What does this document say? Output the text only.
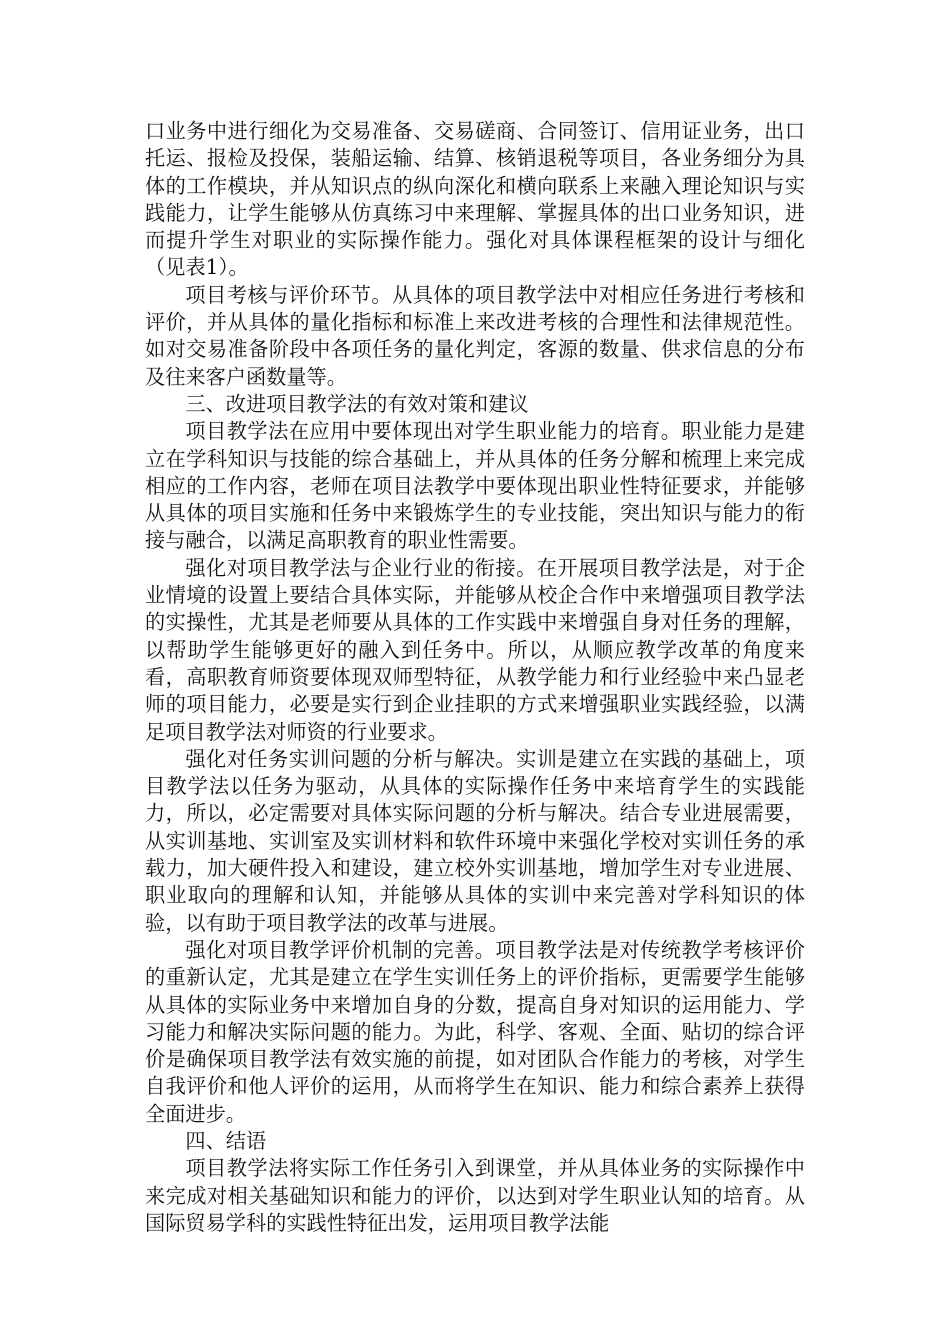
口业务中进行细化为交易准备、交易磋商、合同签订、信用证业务，出口托运、报检及投保，装船运输、结算、核销退税等项目，各业务细分为具体的工作模块，并从知识点的纵向深化和横向联系上来融入理论知识与实践能力，让学生能够从仿真练习中来理解、掌握具体的出口业务知识，进而提升学生对职业的实际操作能力。强化对具体课程框架的设计与细化（见表1）。

项目考核与评价环节。从具体的项目教学法中对相应任务进行考核和评价，并从具体的量化指标和标准上来改进考核的合理性和法律规范性。如对交易准备阶段中各项任务的量化判定，客源的数量、供求信息的分布及往来客户函数量等。

三、改进项目教学法的有效对策和建议

项目教学法在应用中要体现出对学生职业能力的培育。职业能力是建立在学科知识与技能的综合基础上，并从具体的任务分解和梳理上来完成相应的工作内容，老师在项目法教学中要体现出职业性特征要求，并能够从具体的项目实施和任务中来锻炼学生的专业技能，突出知识与能力的衔接与融合，以满足高职教育的职业性需要。

强化对项目教学法与企业行业的衔接。在开展项目教学法是，对于企业情境的设置上要结合具体实际，并能够从校企合作中来增强项目教学法的实操性，尤其是老师要从具体的工作实践中来增强自身对任务的理解，以帮助学生能够更好的融入到任务中。所以，从顺应教学改革的角度来看，高职教育师资要体现双师型特征，从教学能力和行业经验中来凸显老师的项目能力，必要是实行到企业挂职的方式来增强职业实践经验，以满足项目教学法对师资的行业要求。

强化对任务实训问题的分析与解决。实训是建立在实践的基础上，项目教学法以任务为驱动，从具体的实际操作任务中来培育学生的实践能力，所以，必定需要对具体实际问题的分析与解决。结合专业进展需要，从实训基地、实训室及实训材料和软件环境中来强化学校对实训任务的承载力，加大硬件投入和建设，建立校外实训基地，增加学生对专业进展、职业取向的理解和认知，并能够从具体的实训中来完善对学科知识的体验，以有助于项目教学法的改革与进展。

强化对项目教学评价机制的完善。项目教学法是对传统教学考核评价的重新认定，尤其是建立在学生实训任务上的评价指标，更需要学生能够从具体的实际业务中来增加自身的分数，提高自身对知识的运用能力、学习能力和解决实际问题的能力。为此，科学、客观、全面、贴切的综合评价是确保项目教学法有效实施的前提，如对团队合作能力的考核，对学生自我评价和他人评价的运用，从而将学生在知识、能力和综合素养上获得全面进步。

四、结语

项目教学法将实际工作任务引入到课堂，并从具体业务的实际操作中来完成对相关基础知识和能力的评价，以达到对学生职业认知的培育。从国际贸易学科的实践性特征出发，运用项目教学法能
